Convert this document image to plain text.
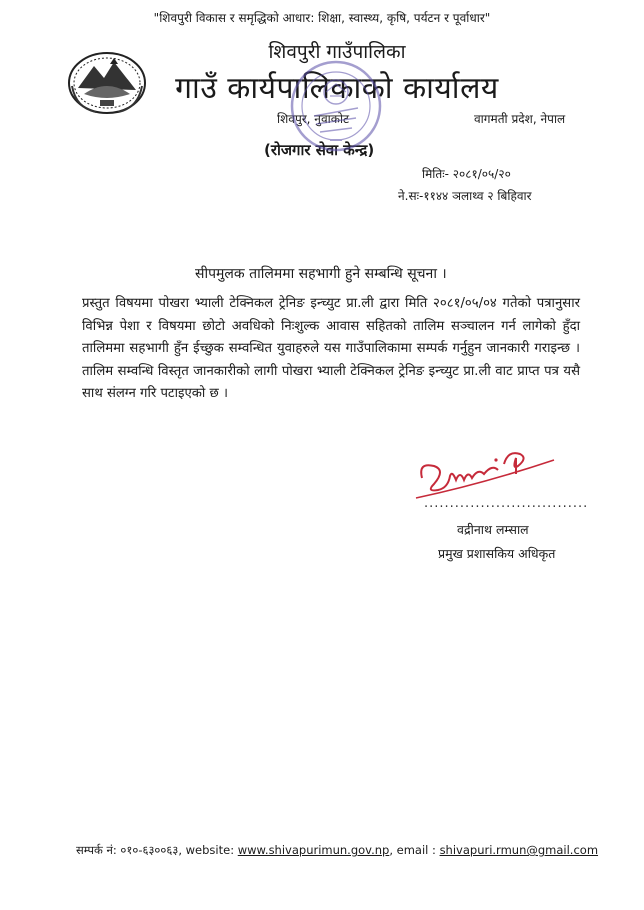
"शिवपुरी विकास र समृद्धिको आधार: शिक्षा, स्वास्थ्य, कृषि, पर्यटन र पूर्वाधार"
शिवपुरी गाउँपालिका
गाउँ कार्यपालिकाको कार्यालय
शिवपुर, नुवाकोट	वागमती प्रदेश, नेपाल
(रोजगार सेवा केन्द्र)
मितिः- २०८१/०५/२०
ने.सः-११४४ ञलाथ्व २ बिहिवार
सीपमुलक तालिममा सहभागी हुने सम्बन्धि सूचना ।
प्रस्तुत विषयमा पोखरा भ्याली टेक्निकल ट्रेनिङ इन्च्युट प्रा.ली द्वारा मिति २०८१/०५/०४ गतेको पत्रानुसार विभिन्न पेशा र विषयमा छोटो अवधिको निःशुल्क आवास सहितको तालिम सञ्चालन गर्न लागेको हुँदा तालिममा सहभागी हुँन ईच्छुक सम्वन्धित युवाहरुले यस गाउँपालिकामा सम्पर्क गर्नुहुन जानकारी गराइन्छ । तालिम सम्वन्धि विस्तृत जानकारीको लागी पोखरा भ्याली टेक्निकल ट्रेनिङ इन्च्युट प्रा.ली वाट प्राप्त पत्र यसै साथ संलग्न गरि पटाइएको छ ।
................................
वद्रीनाथ लम्साल
प्रमुख प्रशासकिय अधिकृत
सम्पर्क नं: ०१०-६३००६३, website: www.shivapurimun.gov.np, email : shivapuri.rmun@gmail.com
